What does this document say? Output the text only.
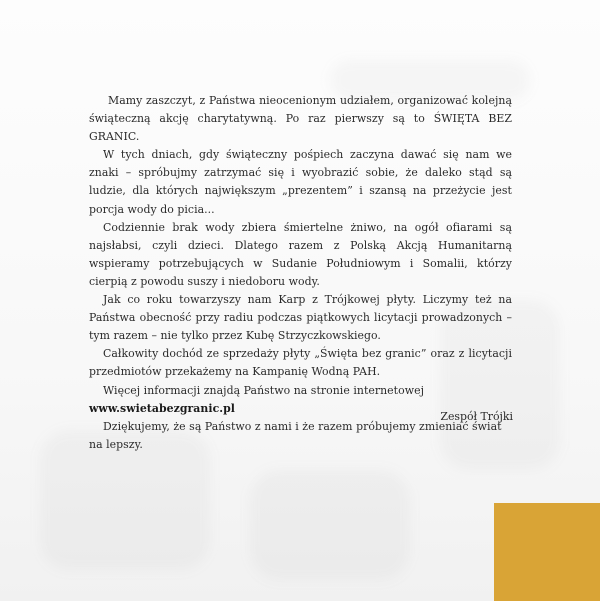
Mamy zaszczyt, z Państwa nieocenionym udziałem, organizować kolejną świąteczną akcję charytatywną. Po raz pierwszy są to ŚWIĘTA BEZ GRANIC.

W tych dniach, gdy świąteczny pośpiech zaczyna dawać się nam we znaki – spróbujmy zatrzymać się i wyobrazić sobie, że daleko stąd są ludzie, dla których największym „prezentem” i szansą na przeżycie jest porcja wody do picia...

Codziennie brak wody zbiera śmiertelne żniwo, na ogół ofiarami są najsłabsi, czyli dzieci. Dlatego razem z Polską Akcją Humanitarną wspieramy potrzebujących w Sudanie Południowym i Somalii, którzy cierpią z powodu suszy i niedoboru wody.

Jak co roku towarzyszy nam Karp z Trójkowej płyty. Liczymy też na Państwa obecność przy radiu podczas piątkowych licytacji prowadzonych – tym razem – nie tylko przez Kubę Strzyczkowskiego.

Całkowity dochód ze sprzedaży płyty „Święta bez granic” oraz z licytacji przedmiotów przekażemy na Kampanię Wodną PAH.

Więcej informacji znajdą Państwo na stronie internetowej www.swietabezgranic.pl

Dziękujemy, że są Państwo z nami i że razem próbujemy zmieniać świat na lepszy.

Zespół Trójki
